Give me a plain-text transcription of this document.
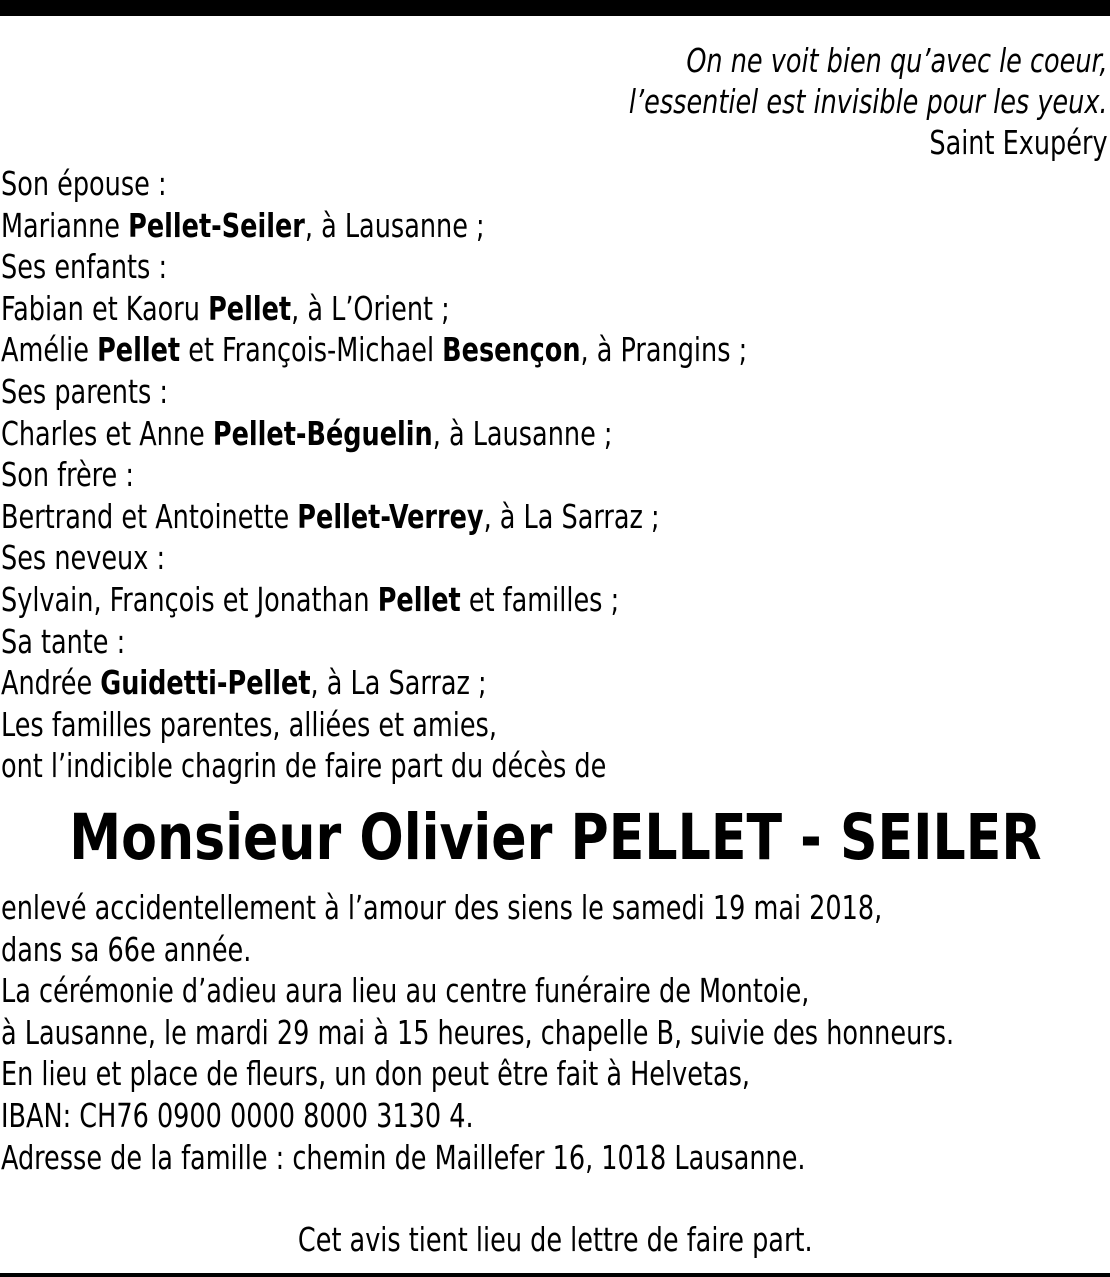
On ne voit bien qu’avec le coeur,
l’essentiel est invisible pour les yeux.
Saint Exupéry
Son épouse :
Marianne Pellet-Seiler, à Lausanne ;
Ses enfants :
Fabian et Kaoru Pellet, à L’Orient ;
Amélie Pellet et François-Michael Besençon, à Prangins ;
Ses parents :
Charles et Anne Pellet-Béguelin, à Lausanne ;
Son frère :
Bertrand et Antoinette Pellet-Verrey, à La Sarraz ;
Ses neveux :
Sylvain, François et Jonathan Pellet et familles ;
Sa tante :
Andrée Guidetti-Pellet, à La Sarraz ;
Les familles parentes, alliées et amies,
ont l’indicible chagrin de faire part du décès de
Monsieur Olivier PELLET - SEILER
enlevé accidentellement à l’amour des siens le samedi 19 mai 2018,
dans sa 66e année.
La cérémonie d’adieu aura lieu au centre funéraire de Montoie,
à Lausanne, le mardi 29 mai à 15 heures, chapelle B, suivie des honneurs.
En lieu et place de fleurs, un don peut être fait à Helvetas,
IBAN: CH76 0900 0000 8000 3130 4.
Adresse de la famille : chemin de Maillefer 16, 1018 Lausanne.
Cet avis tient lieu de lettre de faire part.
